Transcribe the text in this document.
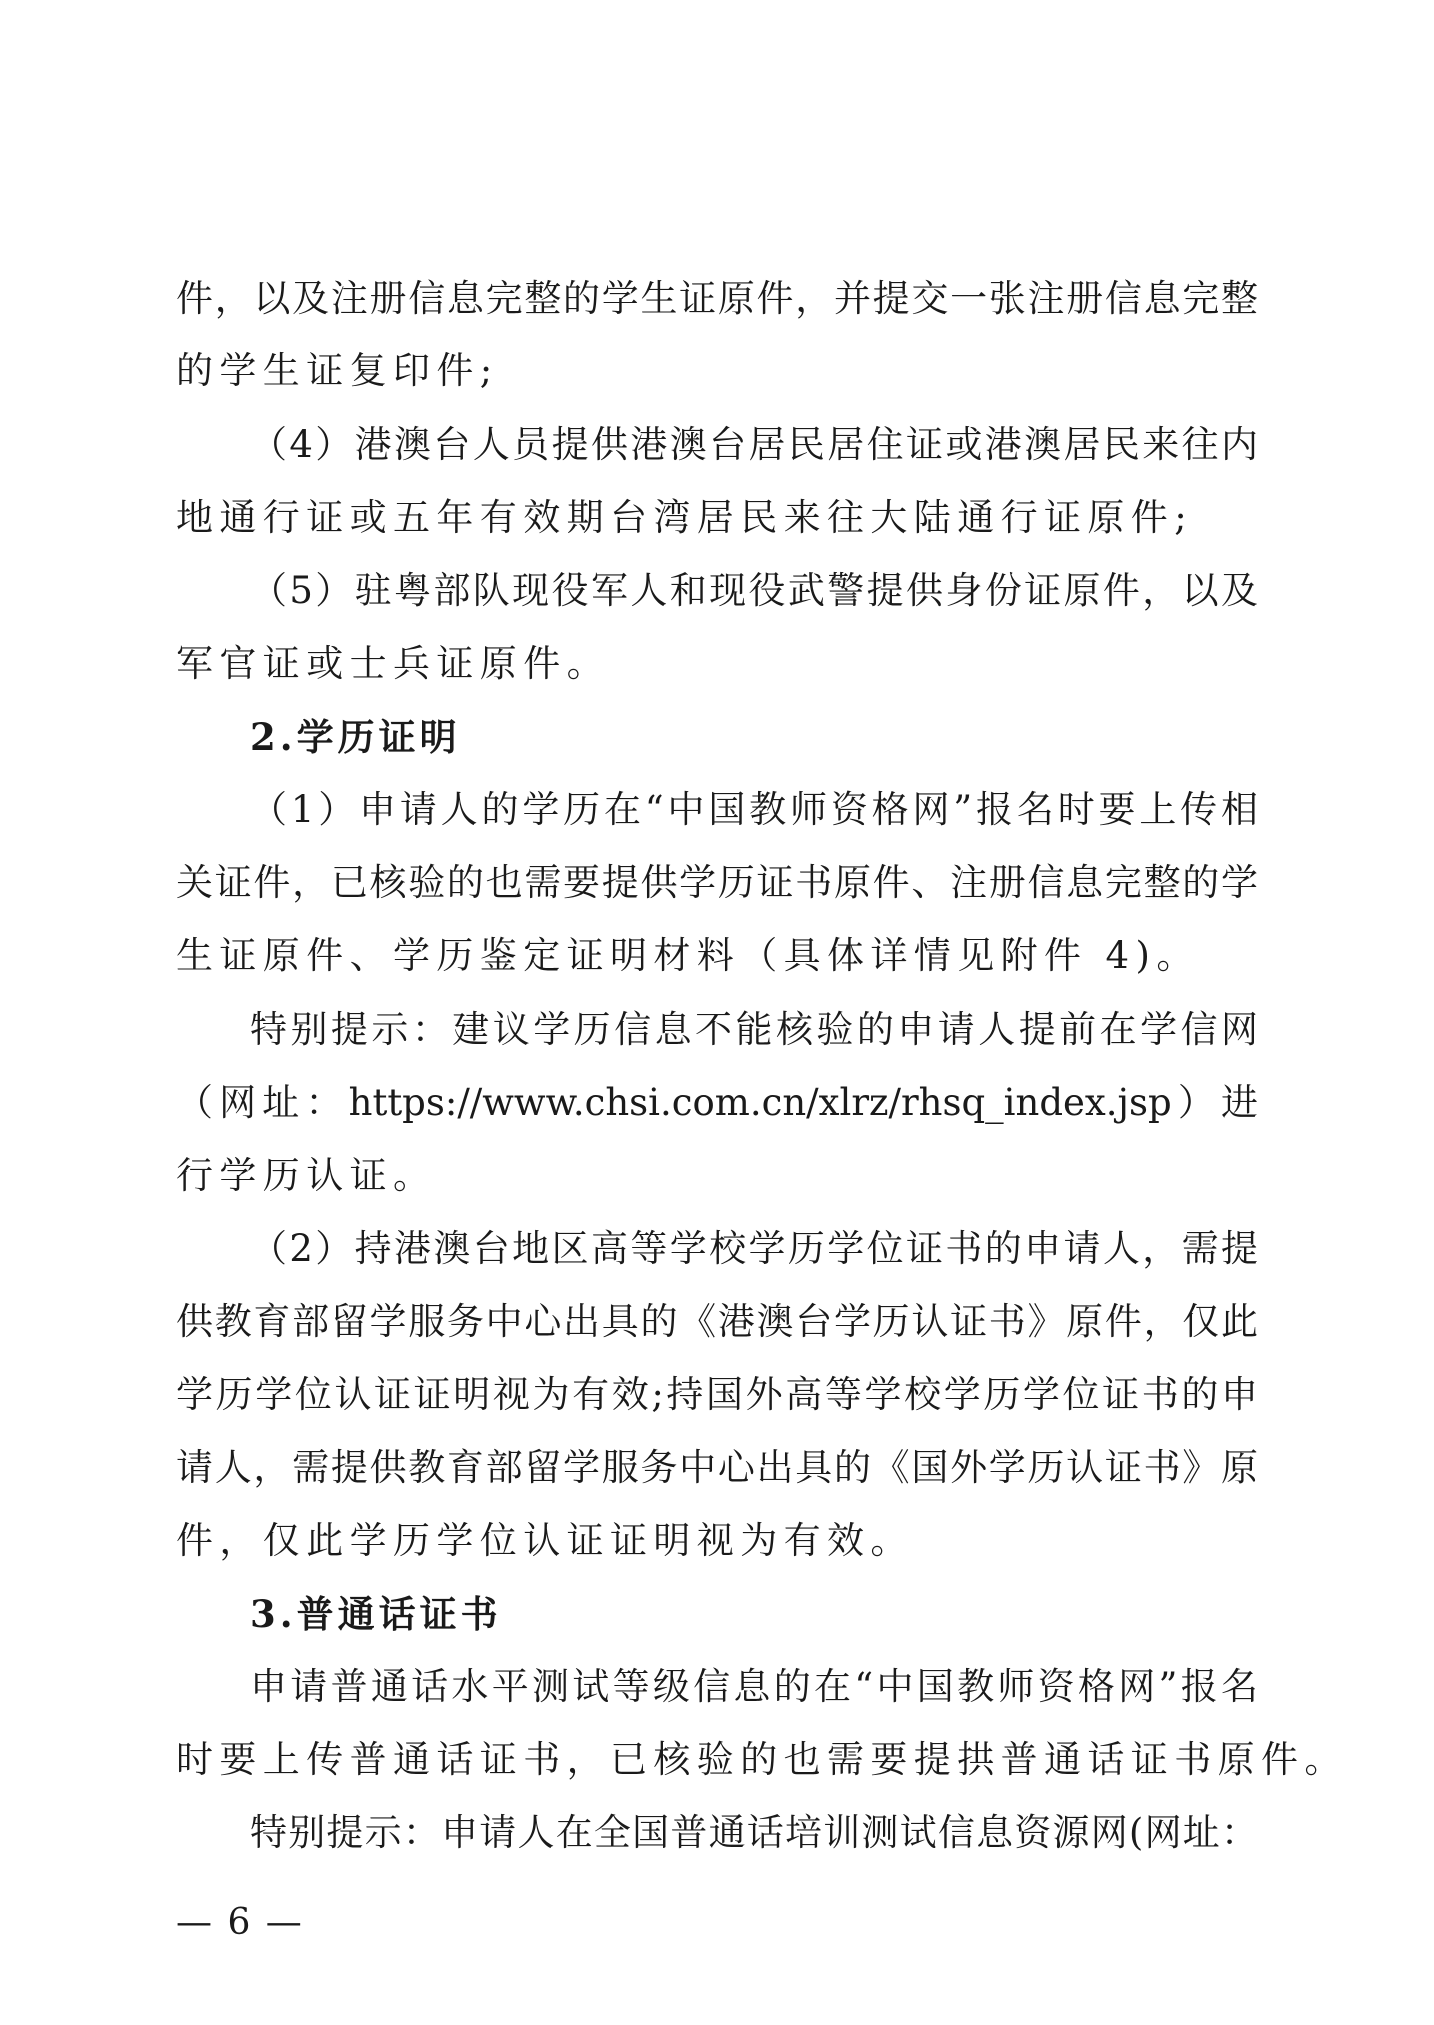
件，以及注册信息完整的学生证原件，并提交一张注册信息完整
的学生证复印件;
（4）港澳台人员提供港澳台居民居住证或港澳居民来往内
地通行证或五年有效期台湾居民来往大陆通行证原件;
（5）驻粤部队现役军人和现役武警提供身份证原件，以及
军官证或士兵证原件。
2.学历证明
（1）申请人的学历在“中国教师资格网”报名时要上传相
关证件，已核验的也需要提供学历证书原件、注册信息完整的学
生证原件、学历鉴定证明材料（具体详情见附件 4)。
特别提示：建议学历信息不能核验的申请人提前在学信网
（网址：https://www.chsi.com.cn/xlrz/rhsq_index.jsp）进
行学历认证。
（2）持港澳台地区高等学校学历学位证书的申请人，需提
供教育部留学服务中心出具的《港澳台学历认证书》原件，仅此
学历学位认证证明视为有效;持国外高等学校学历学位证书的申
请人，需提供教育部留学服务中心出具的《国外学历认证书》原
件，仅此学历学位认证证明视为有效。
3.普通话证书
申请普通话水平测试等级信息的在“中国教师资格网”报名
时要上传普通话证书，已核验的也需要提拱普通话证书原件。
特别提示：申请人在全国普通话培训测试信息资源网(网址：
— 6 —
